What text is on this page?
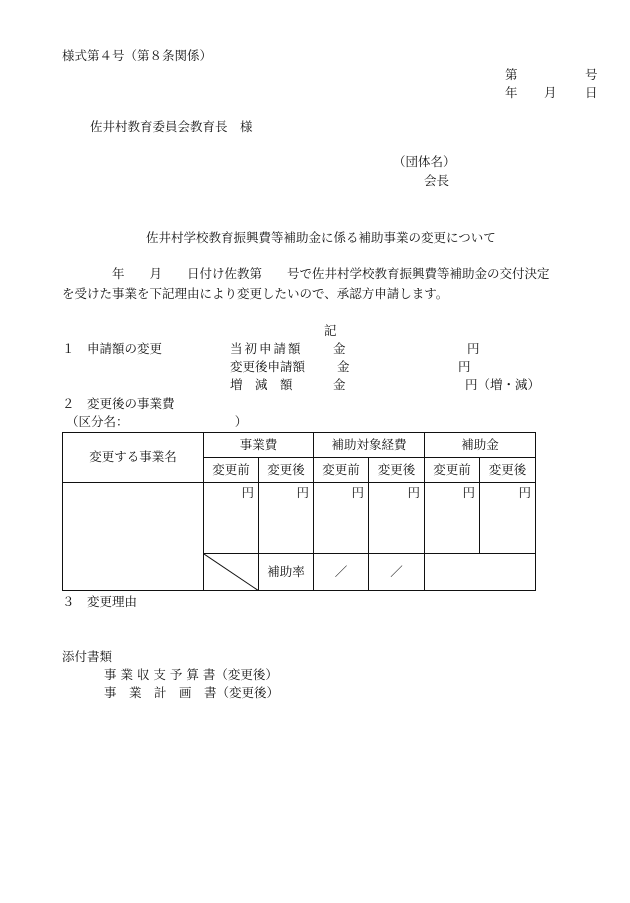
様式第４号（第８条関係）
第	号
年 月 日
佐井村教育委員会教育長　様
（団体名）
会長
佐井村学校教育振興費等補助金に係る補助事業の変更について
　　　　年　　月　　日付け佐教第　　号で佐井村学校教育振興費等補助金の交付決定
を受けた事業を下記理由により変更したいので、承認方申請します。
記
１　申請額の変更	当初申請額 金	円
変更後申請額	金	円
増　減　額	金	円（増・減）
２　変更後の事業費
（区分名：　　　　　　　　　）
変更する事業名	事業費		補助対象経費		補助金	
	変更前	変更後	変更前	変更後	変更前	変更後
	円	円	円	円	円	円

	補助率	／	／		
３　変更理由
添付書類
事 業 収 支 予 算 書（変更後）
事　業　計　画　書（変更後）
